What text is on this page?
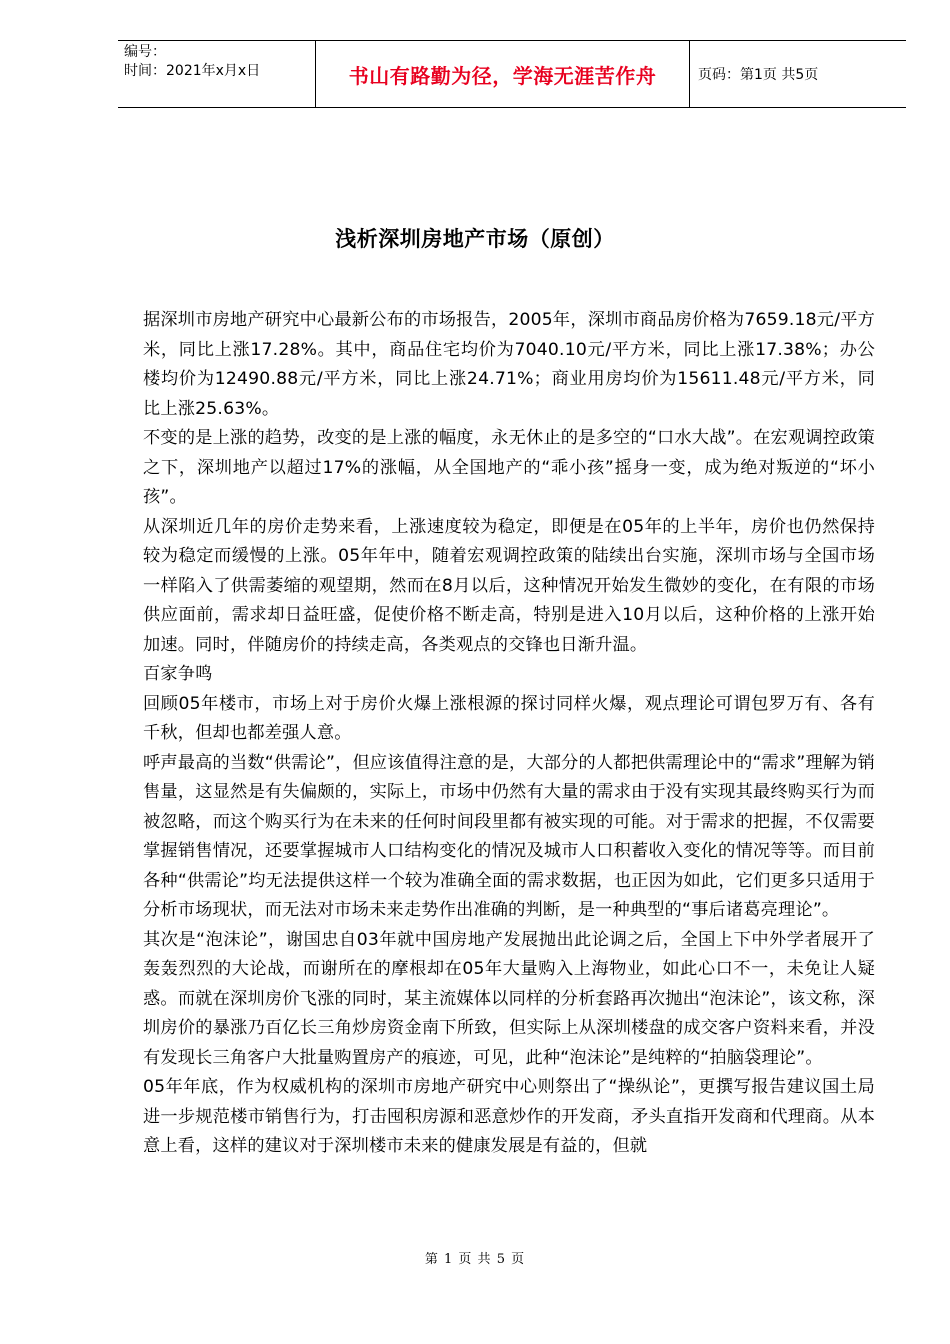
编号：
时间：2021年x月x日	书山有路勤为径，学海无涯苦作舟	页码：第1页 共5页
浅析深圳房地产市场（原创）

据深圳市房地产研究中心最新公布的市场报告，2005年，深圳市商品房价格为7659.18元/平方米，同比上涨17.28%。其中，商品住宅均价为7040.10元/平方米，同比上涨17.38%；办公楼均价为12490.88元/平方米，同比上涨24.71%；商业用房均价为15611.48元/平方米，同比上涨25.63%。

不变的是上涨的趋势，改变的是上涨的幅度，永无休止的是多空的“口水大战”。在宏观调控政策之下，深圳地产以超过17%的涨幅，从全国地产的“乖小孩”摇身一变，成为绝对叛逆的“坏小孩”。

从深圳近几年的房价走势来看，上涨速度较为稳定，即便是在05年的上半年，房价也仍然保持较为稳定而缓慢的上涨。05年年中，随着宏观调控政策的陆续出台实施，深圳市场与全国市场一样陷入了供需萎缩的观望期，然而在8月以后，这种情况开始发生微妙的变化，在有限的市场供应面前，需求却日益旺盛，促使价格不断走高，特别是进入10月以后，这种价格的上涨开始加速。同时，伴随房价的持续走高，各类观点的交锋也日渐升温。

百家争鸣

回顾05年楼市，市场上对于房价火爆上涨根源的探讨同样火爆，观点理论可谓包罗万有、各有千秋，但却也都差强人意。

呼声最高的当数“供需论”，但应该值得注意的是，大部分的人都把供需理论中的“需求”理解为销售量，这显然是有失偏颇的，实际上，市场中仍然有大量的需求由于没有实现其最终购买行为而被忽略，而这个购买行为在未来的任何时间段里都有被实现的可能。对于需求的把握，不仅需要掌握销售情况，还要掌握城市人口结构变化的情况及城市人口积蓄收入变化的情况等等。而目前各种“供需论”均无法提供这样一个较为准确全面的需求数据，也正因为如此，它们更多只适用于分析市场现状，而无法对市场未来走势作出准确的判断，是一种典型的“事后诸葛亮理论”。

其次是“泡沫论”，谢国忠自03年就中国房地产发展抛出此论调之后，全国上下中外学者展开了轰轰烈烈的大论战，而谢所在的摩根却在05年大量购入上海物业，如此心口不一，未免让人疑惑。而就在深圳房价飞涨的同时，某主流媒体以同样的分析套路再次抛出“泡沫论”，该文称，深圳房价的暴涨乃百亿长三角炒房资金南下所致，但实际上从深圳楼盘的成交客户资料来看，并没有发现长三角客户大批量购置房产的痕迹，可见，此种“泡沫论”是纯粹的“拍脑袋理论”。

05年年底，作为权威机构的深圳市房地产研究中心则祭出了“操纵论”，更撰写报告建议国土局进一步规范楼市销售行为，打击囤积房源和恶意炒作的开发商，矛头直指开发商和代理商。从本意上看，这样的建议对于深圳楼市未来的健康发展是有益的，但就

第 1 页 共 5 页
